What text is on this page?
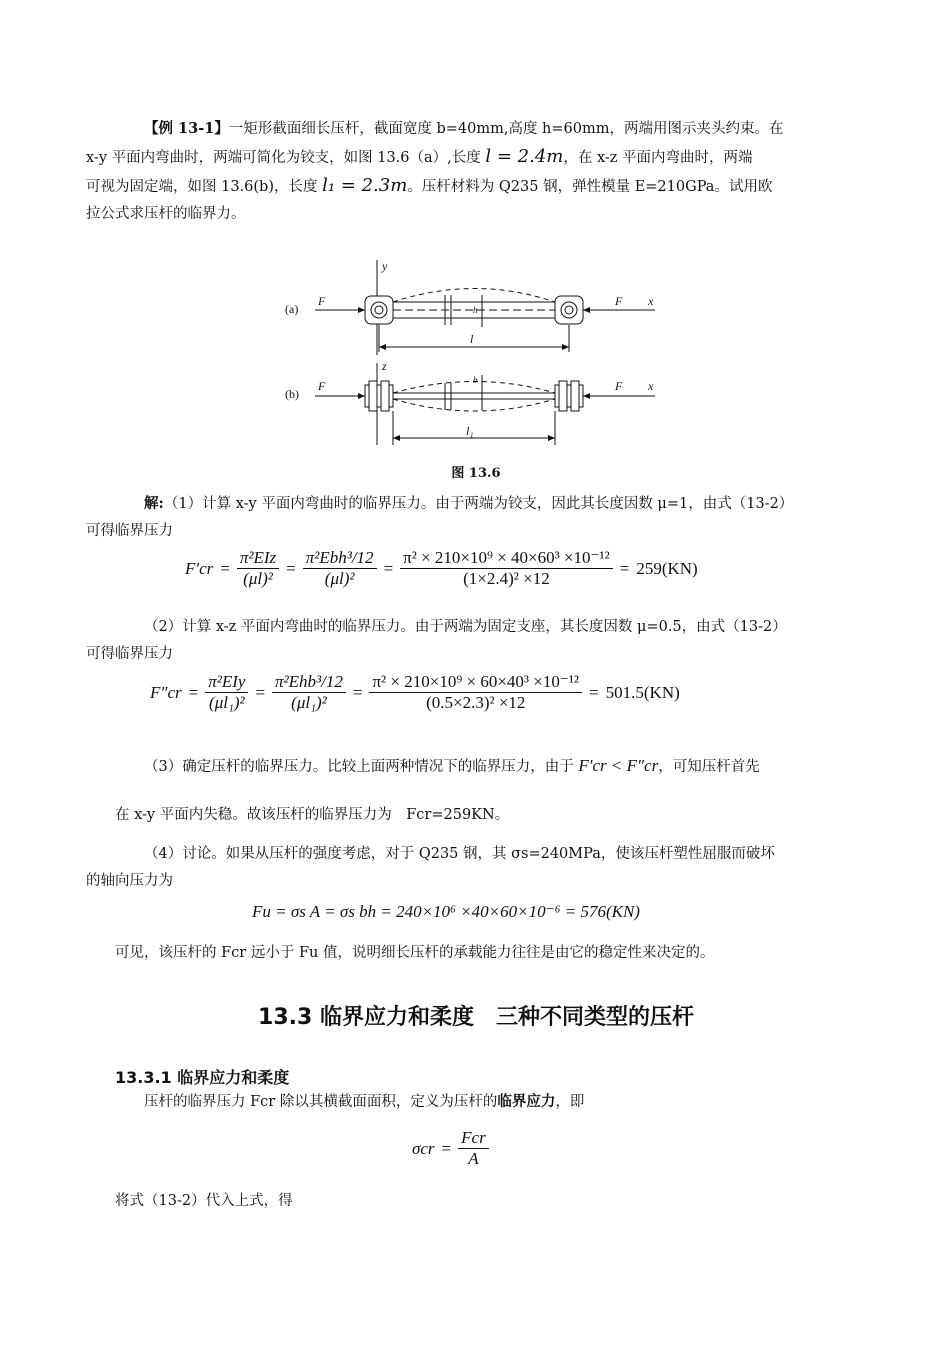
【例 13-1】一矩形截面细长压杆，截面宽度 b=40mm,高度 h=60mm，两端用图示夹头约束。在
x-y 平面内弯曲时，两端可简化为铰支，如图 13.6（a）,长度 l = 2.4m，在 x-z 平面内弯曲时，两端
可视为固定端，如图 13.6(b)，长度 l₁ = 2.3m。压杆材料为 Q235 钢，弹性模量 E=210GPa。试用欧
拉公式求压杆的临界力。
(a)
y
F
h
F x
l
(b)
z
F	b	F x
l₁
图 13.6
解:（1）计算 x-y 平面内弯曲时的临界压力。由于两端为铰支，因此其长度因数 μ=1，由式（13-2）
可得临界压力
$F'cr = \frac{\text{π²EIz}}{\text{(μl)²}} = \frac{\text{π²Ebh³/12}}{\text{(μl)²}} = \frac{\text{π² × 210×10⁹ × 40×60³ ×10⁻¹²}}{\text{(1×2.4)² ×12}} = 259(KN)$
（2）计算 x-z 平面内弯曲时的临界压力。由于两端为固定支座，其长度因数 μ=0.5，由式（13-2）
可得临界压力
$F''cr = \frac{\text{π²EIy}}{\text{(μl₁)²}} = \frac{\text{π²Ehb³/12}}{\text{(μl₁)²}} = \frac{\text{π² × 210×10⁹ × 60×40³ ×10⁻¹²}}{\text{(0.5×2.3)² ×12}} = 501.5(KN)$
（3）确定压杆的临界压力。比较上面两种情况下的临界压力，由于 F′cr < F″cr，可知压杆首先
在 x-y 平面内失稳。故该压杆的临界压力为　Fcr=259KN。
（4）讨论。如果从压杆的强度考虑，对于 Q235 钢，其 σs=240MPa，使该压杆塑性屈服而破坏
的轴向压力为
Fu = σs A = σs bh = 240×10⁶ ×40×60×10⁻⁶ = 576(KN)
可见，该压杆的 Fcr 远小于 Fu 值，说明细长压杆的承载能力往往是由它的稳定性来决定的。
13.3 临界应力和柔度　三种不同类型的压杆
13.3.1 临界应力和柔度
压杆的临界压力 Fcr 除以其横截面面积，定义为压杆的临界应力，即
$\sigma cr = \frac{\text{Fcr}}{A}$
将式（13-2）代入上式，得
